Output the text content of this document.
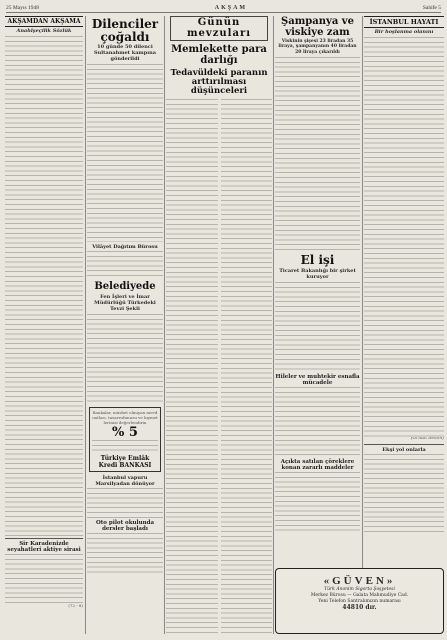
25 Mayıs 1948	AKŞAM	Sahife 5
AKŞAMDAN AKŞAMA
Anahlşeçilik Sözlük
Sir Karadenizde seyahatleri aktiye sirasi
(72 - 8)
Dilenciler çoğaldı
10 günde 50 dilenci Sultanahmet kampına gönderildi
Vilâyet Dağıtım Bürosu
Belediyede
Fen İşleri ve İmar Müdürlüğü Türkedeki Tevzi Şekli
Bankalar, müsbet olmıyan mevduatları, tasarrufunuzu ve kıymetlerinizi değerlendirin
% 5
Türkiye Emlâk Kredi BANKASI
İstanbul vapuru Marsilyadan dönüyor
Oto pilot okulunda dersler başladı
Günün mevzuları
Memlekette para darlığı
Tedavüldeki paranın arttırılması düşünceleri
Şampanya ve viskiye zam
Viskinin şişesi 23 liradan 35 liraya, şampanyanın 40 liradan 20 liraya çıkarıldı
El işi
Ticaret Bakanlığı bir şirket kuruyor
Hileler ve muhtekir esnafla mücadele
Açıkta satılan çöreklere konan zararlı maddeler
İSTANBUL HAYATI
Bir hoşlanma olanını
(Orhan Sevim)
Ekşi yol onlarla
«GÜVEN»
Türk Anonim Sigorta Şoşyetesi
Merkez Bürosu — Galata Mahmudiye Cad.
Yeni Telefon Santralımızın numarası
44810 dır.
